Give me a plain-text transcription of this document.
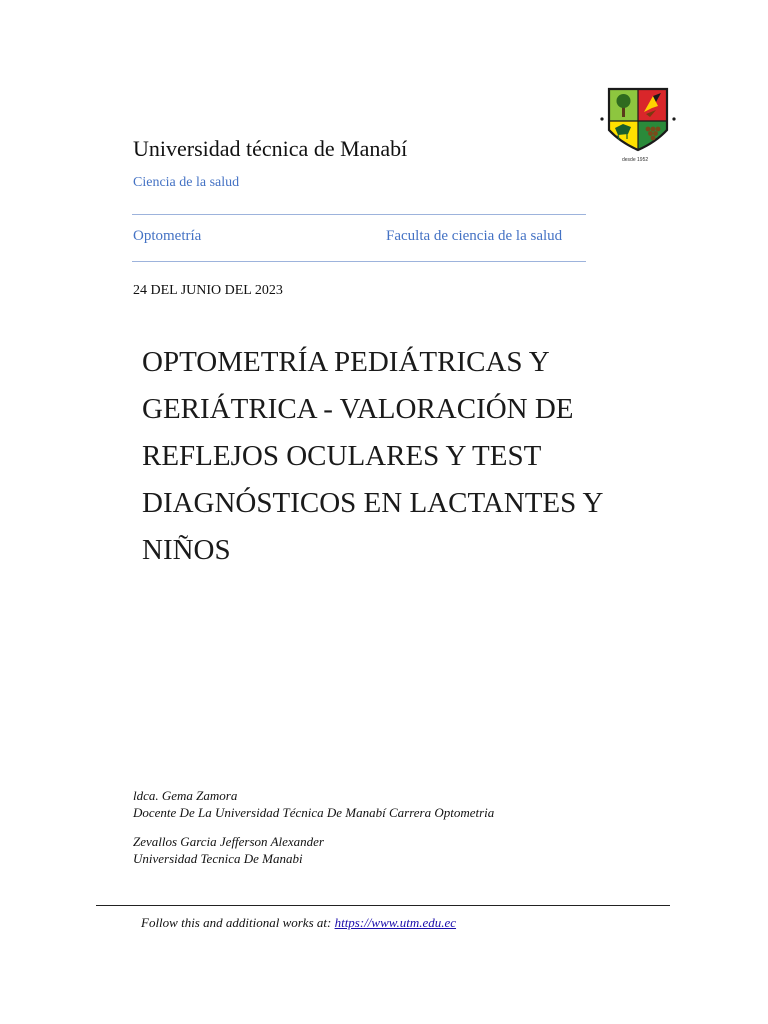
desde 1952
Universidad técnica de Manabí
Ciencia de la salud
Optometría	Faculta de ciencia de la salud
24 DEL JUNIO DEL 2023
OPTOMETRÍA PEDIÁTRICAS Y
GERIÁTRICA - VALORACIÓN DE
REFLEJOS OCULARES Y TEST
DIAGNÓSTICOS EN LACTANTES Y
NIÑOS
ldca. Gema Zamora
Docente De La Universidad Técnica De Manabí Carrera Optometria
Zevallos Garcia Jefferson Alexander
Universidad Tecnica De Manabi
Follow this and additional works at: https://www.utm.edu.ec
